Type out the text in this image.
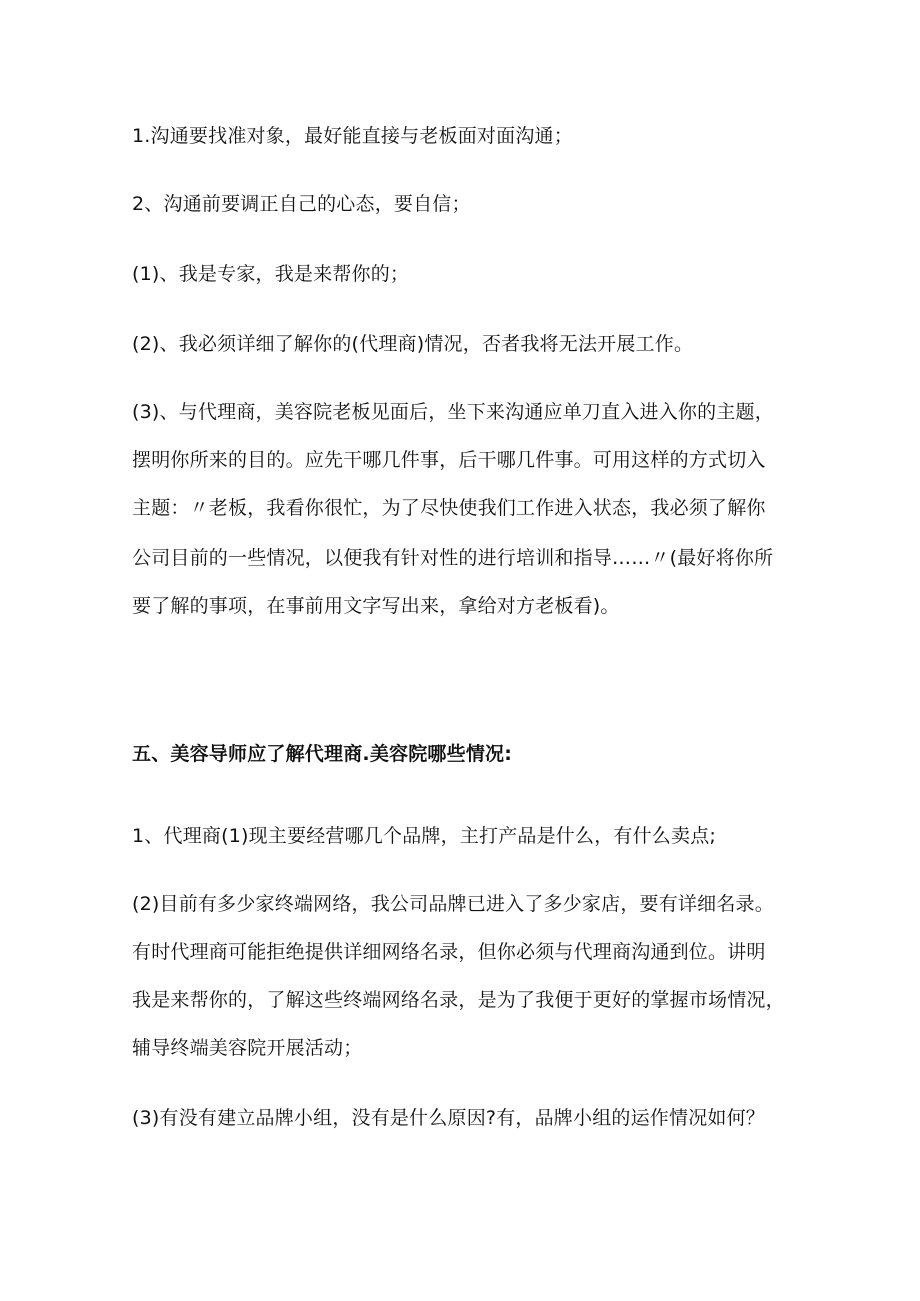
1.沟通要找准对象，最好能直接与老板面对面沟通；
2、沟通前要调正自己的心态，要自信；
(1)、我是专家，我是来帮你的；
(2)、我必须详细了解你的(代理商)情况，否者我将无法开展工作。
(3)、与代理商，美容院老板见面后，坐下来沟通应单刀直入进入你的主题，
摆明你所来的目的。应先干哪几件事，后干哪几件事。可用这样的方式切入
主题：〃老板，我看你很忙，为了尽快使我们工作进入状态，我必须了解你
公司目前的一些情况，以便我有针对性的进行培训和指导……〃(最好将你所
要了解的事项，在事前用文字写出来，拿给对方老板看)。
五、美容导师应了解代理商.美容院哪些情况:
1、代理商(1)现主要经营哪几个品牌，主打产品是什么，有什么卖点;
(2)目前有多少家终端网络，我公司品牌已进入了多少家店，要有详细名录。
有时代理商可能拒绝提供详细网络名录，但你必须与代理商沟通到位。讲明
我是来帮你的，了解这些终端网络名录，是为了我便于更好的掌握市场情况，
辅导终端美容院开展活动；
(3)有没有建立品牌小组，没有是什么原因?有，品牌小组的运作情况如何？
